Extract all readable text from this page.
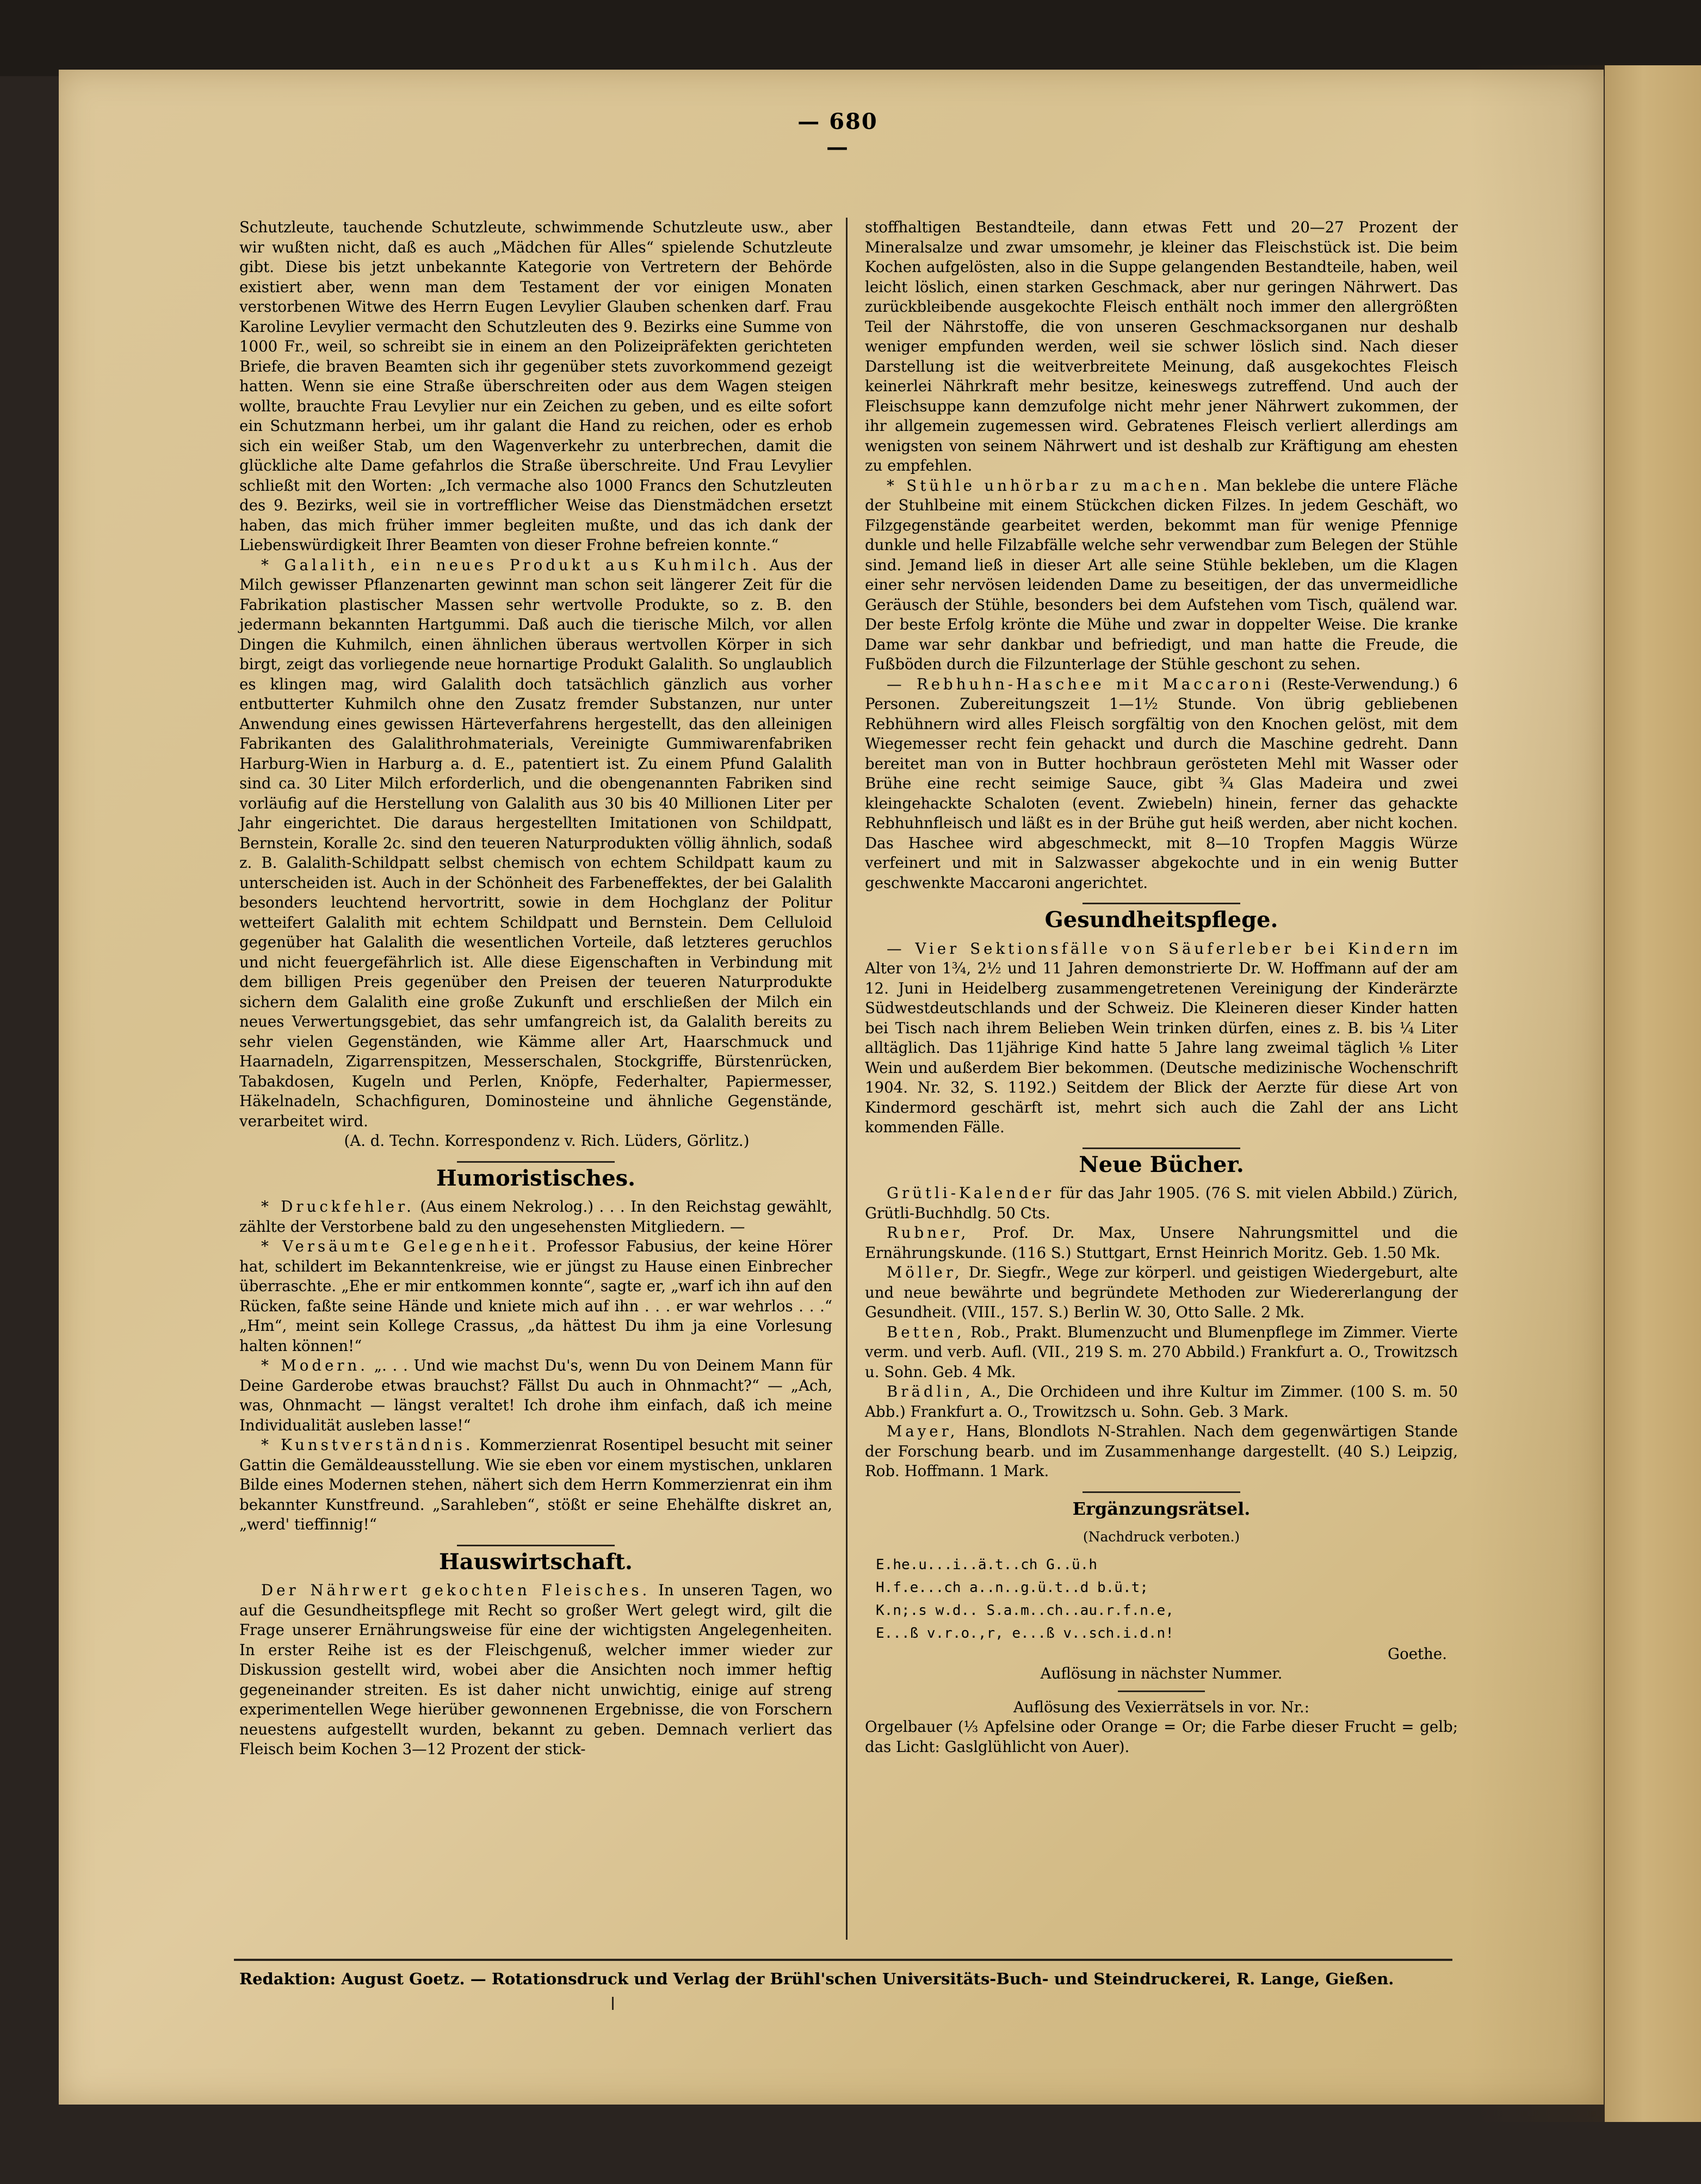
— 680 —

Schutzleute, tauchende Schutzleute, schwimmende Schutzleute usw., aber wir wußten nicht, daß es auch „Mädchen für Alles“ spielende Schutzleute gibt. Diese bis jetzt unbekannte Kategorie von Vertretern der Behörde existiert aber, wenn man dem Testament der vor einigen Monaten verstorbenen Witwe des Herrn Eugen Levylier Glauben schenken darf. Frau Karoline Levylier vermacht den Schutzleuten des 9. Bezirks eine Summe von 1000 Fr., weil, so schreibt sie in einem an den Polizeipräfekten gerichteten Briefe, die braven Beamten sich ihr gegenüber stets zuvorkommend gezeigt hatten. Wenn sie eine Straße überschreiten oder aus dem Wagen steigen wollte, brauchte Frau Levylier nur ein Zeichen zu geben, und es eilte sofort ein Schutzmann herbei, um ihr galant die Hand zu reichen, oder es erhob sich ein weißer Stab, um den Wagenverkehr zu unterbrechen, damit die glückliche alte Dame gefahrlos die Straße überschreite. Und Frau Levylier schließt mit den Worten: „Ich vermache also 1000 Francs den Schutzleuten des 9. Bezirks, weil sie in vortrefflicher Weise das Dienstmädchen ersetzt haben, das mich früher immer begleiten mußte, und das ich dank der Liebenswürdigkeit Ihrer Beamten von dieser Frohne befreien konnte.“

* Galalith, ein neues Produkt aus Kuhmilch. Aus der Milch gewisser Pflanzenarten gewinnt man schon seit längerer Zeit für die Fabrikation plastischer Massen sehr wertvolle Produkte, so z. B. den jedermann bekannten Hartgummi. Daß auch die tierische Milch, vor allen Dingen die Kuhmilch, einen ähnlichen überaus wertvollen Körper in sich birgt, zeigt das vorliegende neue hornartige Produkt Galalith. So unglaublich es klingen mag, wird Galalith doch tatsächlich gänzlich aus vorher entbutterter Kuhmilch ohne den Zusatz fremder Substanzen, nur unter Anwendung eines gewissen Härteverfahrens hergestellt, das den alleinigen Fabrikanten des Galalithrohmaterials, Vereinigte Gummiwarenfabriken Harburg-Wien in Harburg a. d. E., patentiert ist. Zu einem Pfund Galalith sind ca. 30 Liter Milch erforderlich, und die obengenannten Fabriken sind vorläufig auf die Herstellung von Galalith aus 30 bis 40 Millionen Liter per Jahr eingerichtet. Die daraus hergestellten Imitationen von Schildpatt, Bernstein, Koralle 2c. sind den teueren Naturprodukten völlig ähnlich, sodaß z. B. Galalith-Schildpatt selbst chemisch von echtem Schildpatt kaum zu unterscheiden ist. Auch in der Schönheit des Farbeneffektes, der bei Galalith besonders leuchtend hervortritt, sowie in dem Hochglanz der Politur wetteifert Galalith mit echtem Schildpatt und Bernstein. Dem Celluloid gegenüber hat Galalith die wesentlichen Vorteile, daß letzteres geruchlos und nicht feuergefährlich ist. Alle diese Eigenschaften in Verbindung mit dem billigen Preis gegenüber den Preisen der teueren Naturprodukte sichern dem Galalith eine große Zukunft und erschließen der Milch ein neues Verwertungsgebiet, das sehr umfangreich ist, da Galalith bereits zu sehr vielen Gegenständen, wie Kämme aller Art, Haarschmuck und Haarnadeln, Zigarrenspitzen, Messerschalen, Stockgriffe, Bürstenrücken, Tabakdosen, Kugeln und Perlen, Knöpfe, Federhalter, Papiermesser, Häkelnadeln, Schachfiguren, Dominosteine und ähnliche Gegenstände, verarbeitet wird.

(A. d. Techn. Korrespondenz v. Rich. Lüders, Görlitz.)

Humoristisches.

* Druckfehler. (Aus einem Nekrolog.) . . . In den Reichstag gewählt, zählte der Verstorbene bald zu den ungesehensten Mitgliedern. —

* Versäumte Gelegenheit. Professor Fabusius, der keine Hörer hat, schildert im Bekanntenkreise, wie er jüngst zu Hause einen Einbrecher überraschte. „Ehe er mir entkommen konnte“, sagte er, „warf ich ihn auf den Rücken, faßte seine Hände und kniete mich auf ihn . . . er war wehrlos . . .“ „Hm“, meint sein Kollege Crassus, „da hättest Du ihm ja eine Vorlesung halten können!“

* Modern. „. . . Und wie machst Du's, wenn Du von Deinem Mann für Deine Garderobe etwas brauchst? Fällst Du auch in Ohnmacht?“ — „Ach, was, Ohnmacht — längst veraltet! Ich drohe ihm einfach, daß ich meine Individualität ausleben lasse!“

* Kunstverständnis. Kommerzienrat Rosentipel besucht mit seiner Gattin die Gemäldeausstellung. Wie sie eben vor einem mystischen, unklaren Bilde eines Modernen stehen, nähert sich dem Herrn Kommerzienrat ein ihm bekannter Kunstfreund. „Sarahleben“, stößt er seine Ehehälfte diskret an, „werd' tieffinnig!“

Hauswirtschaft.

Der Nährwert gekochten Fleisches. In unseren Tagen, wo auf die Gesundheitspflege mit Recht so großer Wert gelegt wird, gilt die Frage unserer Ernährungsweise für eine der wichtigsten Angelegenheiten. In erster Reihe ist es der Fleischgenuß, welcher immer wieder zur Diskussion gestellt wird, wobei aber die Ansichten noch immer heftig gegeneinander streiten. Es ist daher nicht unwichtig, einige auf streng experimentellen Wege hierüber gewonnenen Ergebnisse, die von Forschern neuestens aufgestellt wurden, bekannt zu geben. Demnach verliert das Fleisch beim Kochen 3—12 Prozent der stick-

stoffhaltigen Bestandteile, dann etwas Fett und 20—27 Prozent der Mineralsalze und zwar umsomehr, je kleiner das Fleischstück ist. Die beim Kochen aufgelösten, also in die Suppe gelangenden Bestandteile, haben, weil leicht löslich, einen starken Geschmack, aber nur geringen Nährwert. Das zurückbleibende ausgekochte Fleisch enthält noch immer den allergrößten Teil der Nährstoffe, die von unseren Geschmacksorganen nur deshalb weniger empfunden werden, weil sie schwer löslich sind. Nach dieser Darstellung ist die weitverbreitete Meinung, daß ausgekochtes Fleisch keinerlei Nährkraft mehr besitze, keineswegs zutreffend. Und auch der Fleischsuppe kann demzufolge nicht mehr jener Nährwert zukommen, der ihr allgemein zugemessen wird. Gebratenes Fleisch verliert allerdings am wenigsten von seinem Nährwert und ist deshalb zur Kräftigung am ehesten zu empfehlen.

* Stühle unhörbar zu machen. Man beklebe die untere Fläche der Stuhlbeine mit einem Stückchen dicken Filzes. In jedem Geschäft, wo Filzgegenstände gearbeitet werden, bekommt man für wenige Pfennige dunkle und helle Filzabfälle welche sehr verwendbar zum Belegen der Stühle sind. Jemand ließ in dieser Art alle seine Stühle bekleben, um die Klagen einer sehr nervösen leidenden Dame zu beseitigen, der das unvermeidliche Geräusch der Stühle, besonders bei dem Aufstehen vom Tisch, quälend war. Der beste Erfolg krönte die Mühe und zwar in doppelter Weise. Die kranke Dame war sehr dankbar und befriedigt, und man hatte die Freude, die Fußböden durch die Filzunterlage der Stühle geschont zu sehen.

— Rebhuhn-Haschee mit Maccaroni (Reste-Verwendung.) 6 Personen. Zubereitungszeit 1—1½ Stunde. Von übrig gebliebenen Rebhühnern wird alles Fleisch sorgfältig von den Knochen gelöst, mit dem Wiegemesser recht fein gehackt und durch die Maschine gedreht. Dann bereitet man von in Butter hochbraun gerösteten Mehl mit Wasser oder Brühe eine recht seimige Sauce, gibt ¾ Glas Madeira und zwei kleingehackte Schaloten (event. Zwiebeln) hinein, ferner das gehackte Rebhuhnfleisch und läßt es in der Brühe gut heiß werden, aber nicht kochen. Das Haschee wird abgeschmeckt, mit 8—10 Tropfen Maggis Würze verfeinert und mit in Salzwasser abgekochte und in ein wenig Butter geschwenkte Maccaroni angerichtet.

Gesundheitspflege.

— Vier Sektionsfälle von Säuferleber bei Kindern im Alter von 1¾, 2½ und 11 Jahren demonstrierte Dr. W. Hoffmann auf der am 12. Juni in Heidelberg zusammengetretenen Vereinigung der Kinderärzte Südwestdeutschlands und der Schweiz. Die Kleineren dieser Kinder hatten bei Tisch nach ihrem Belieben Wein trinken dürfen, eines z. B. bis ¼ Liter alltäglich. Das 11jährige Kind hatte 5 Jahre lang zweimal täglich ⅛ Liter Wein und außerdem Bier bekommen. (Deutsche medizinische Wochenschrift 1904. Nr. 32, S. 1192.) Seitdem der Blick der Aerzte für diese Art von Kindermord geschärft ist, mehrt sich auch die Zahl der ans Licht kommenden Fälle.

Neue Bücher.

Grütli-Kalender für das Jahr 1905. (76 S. mit vielen Abbild.) Zürich, Grütli-Buchhdlg. 50 Cts.

Rubner, Prof. Dr. Max, Unsere Nahrungsmittel und die Ernährungskunde. (116 S.) Stuttgart, Ernst Heinrich Moritz. Geb. 1.50 Mk.

Möller, Dr. Siegfr., Wege zur körperl. und geistigen Wiedergeburt, alte und neue bewährte und begründete Methoden zur Wiedererlangung der Gesundheit. (VIII., 157. S.) Berlin W. 30, Otto Salle. 2 Mk.

Betten, Rob., Prakt. Blumenzucht und Blumenpflege im Zimmer. Vierte verm. und verb. Aufl. (VII., 219 S. m. 270 Abbild.) Frankfurt a. O., Trowitzsch u. Sohn. Geb. 4 Mk.

Brädlin, A., Die Orchideen und ihre Kultur im Zimmer. (100 S. m. 50 Abb.) Frankfurt a. O., Trowitzsch u. Sohn. Geb. 3 Mark.

Mayer, Hans, Blondlots N-Strahlen. Nach dem gegenwärtigen Stande der Forschung bearb. und im Zusammenhange dargestellt. (40 S.) Leipzig, Rob. Hoffmann. 1 Mark.

Ergänzungsrätsel.
(Nachdruck verboten.)
E.he.u...i..ä.t..ch G..ü.h
H.f.e...ch a..n..g.ü.t..d b.ü.t;
K.n;.s w.d.. S.a.m..ch..au.r.f.n.e,
E...ß v.r.o.,r, e...ß v..sch.i.d.n!
Goethe.
Auflösung in nächster Nummer.
Auflösung des Vexierrätsels in vor. Nr.:

Orgelbauer (⅓ Apfelsine oder Orange = Or; die Farbe dieser Frucht = gelb; das Licht: Gaslglühlicht von Auer).

Redaktion: August Goetz. — Rotationsdruck und Verlag der Brühl'schen Universitäts-Buch- und Steindruckerei, R. Lange, Gießen.
